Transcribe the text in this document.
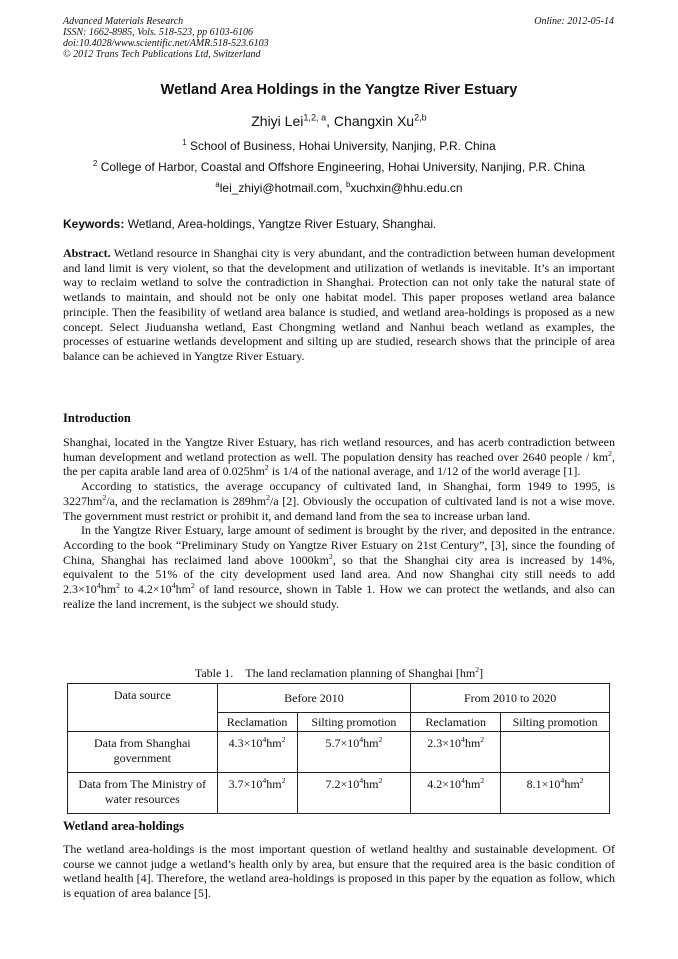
Advanced Materials Research
ISSN: 1662-8985, Vols. 518-523, pp 6103-6106
doi:10.4028/www.scientific.net/AMR.518-523.6103
© 2012 Trans Tech Publications Ltd, Switzerland
Online: 2012-05-14
Wetland Area Holdings in the Yangtze River Estuary
Zhiyi Lei$^{1,2, a}$, Changxin Xu$^{2,b}$
$^1$ School of Business, Hohai University, Nanjing, P.R. China
$^2$ College of Harbor, Coastal and Offshore Engineering, Hohai University, Nanjing, P.R. China
$^a$lei_zhiyi@hotmail.com, $^b$xuchxin@hhu.edu.cn
Keywords: Wetland, Area-holdings, Yangtze River Estuary, Shanghai.
Abstract. Wetland resource in Shanghai city is very abundant, and the contradiction between human development and land limit is very violent, so that the development and utilization of wetlands is inevitable. It’s an important way to reclaim wetland to solve the contradiction in Shanghai. Protection can not only take the natural state of wetlands to maintain, and should not be only one habitat model. This paper proposes wetland area balance principle. Then the feasibility of wetland area balance is studied, and wetland area-holdings is proposed as a new concept. Select Jiuduansha wetland, East Chongming wetland and Nanhui beach wetland as examples, the processes of estuarine wetlands development and silting up are studied, research shows that the principle of area balance can be achieved in Yangtze River Estuary.
Introduction

Shanghai, located in the Yangtze River Estuary, has rich wetland resources, and has acerb contradiction between human development and wetland protection as well. The population density has reached over 2640 people / $km^2$, the per capita arable land area of $0.025hm^2$ is 1/4 of the national average, and 1/12 of the world average [1].

According to statistics, the average occupancy of cultivated land, in Shanghai, form 1949 to 1995, is $3227hm^2/a$, and the reclamation is $289hm^2/a$ [2]. Obviously the occupation of cultivated land is not a wise move. The government must restrict or prohibit it, and demand land from the sea to increase urban land.

In the Yangtze River Estuary, large amount of sediment is brought by the river, and deposited in the entrance. According to the book “Preliminary Study on Yangtze River Estuary on 21st Century”, [3], since the founding of China, Shanghai has reclaimed land above $1000km^2$, so that the Shanghai city area is increased by 14%, equivalent to the 51% of the city development used land area. And now Shanghai city still needs to add $2.3\times 10^4hm^2$ to $4.2\times 10^4hm^2$ of land resource, shown in Table 1. How we can protect the wetlands, and also can realize the land increment, is the subject we should study.

Table 1.    The land reclamation planning of Shanghai $[hm^2]$
Data source	Before 2010		From 2010 to 2020	
	Reclamation	Silting promotion	Reclamation	Silting promotion
Data from Shanghai government	$4.3\times 10^4hm^2$	$5.7\times 10^4hm^2$	$2.3\times 10^4hm^2$	
Data from The Ministry of water resources	$3.7\times 10^4hm^2$	$7.2\times 10^4hm^2$	$4.2\times 10^4hm^2$	$8.1\times 10^4hm^2$
Wetland area-holdings
The wetland area-holdings is the most important question of wetland healthy and sustainable development. Of course we cannot judge a wetland’s health only by area, but ensure that the required area is the basic condition of wetland health [4]. Therefore, the wetland area-holdings is proposed in this paper by the equation as follow, which is equation of area balance [5].
